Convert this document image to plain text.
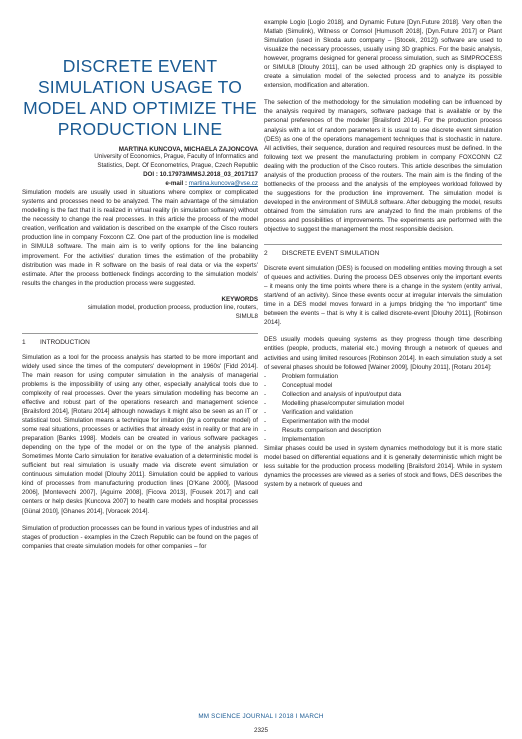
DISCRETE EVENT SIMULATION USAGE TO MODEL AND OPTIMIZE THE PRODUCTION LINE
MARTINA KUNCOVA, MICHAELA ZAJONCOVA
University of Economics, Prague, Faculty of Informatics and
Statistics, Dept. Of Econometrics, Prague, Czech Republic
DOI : 10.17973/MMSJ.2018_03_2017117
e-mail : martina.kuncova@vse.cz

Simulation models are usually used in situations where complex or complicated systems and processes need to be analyzed. The main advantage of the simulation modelling is the fact that it is realized in virtual reality (in simulation software) without the necessity to change the real processes. In this article the process of the model creation, verification and validation is described on the example of the Cisco routers production line in company Foxconn CZ. One part of the production line is modelled in SIMUL8 software. The main aim is to verify options for the line balancing improvement. For the activities' duration times the estimation of the probability distribution was made in R software on the basis of real data or via the experts' estimate. After the process bottleneck findings according to the simulation models' results the changes in the production process were suggested.

KEYWORDS
simulation model, production process, production line, routers,
SIMUL8
1	INTRODUCTION

Simulation as a tool for the process analysis has started to be more important and widely used since the times of the computers' development in 1960s' [Fidd 2014]. The main reason for using computer simulation in the analysis of managerial problems is the impossibility of using any other, especially analytical tools due to complexity of real processes. Over the years simulation modelling has become an effective and robust part of the operations research and management science [Brailsford 2014], [Rotaru 2014] although nowadays it might also be seen as an IT or statistical tool. Simulation means a technique for imitation (by a computer model) of some real situations, processes or activities that already exist in reality or that are in preparation [Banks 1998]. Models can be created in various software packages depending on the type of the model or on the type of the analysis planned. Sometimes Monte Carlo simulation for iterative evaluation of a deterministic model is sufficient but real simulation is usually made via discrete event simulation or continuous simulation model [Dlouhy 2011]. Simulation could be applied to various kind of processes from manufacturing production lines [O'Kane 2000], [Masood 2006], [Montevechi 2007], [Aguirre 2008], [Ficova 2013], [Fousek 2017] and call centers or help desks [Kuncova 2007] to health care models and hospital processes [Günal 2010], [Ghanes 2014], [Voracek 2014].

Simulation of production processes can be found in various types of industries and all stages of production - examples in the Czech Republic can be found on the pages of companies that create simulation models for other companies – for

example Logio [Logio 2018], and Dynamic Future [Dyn.Future 2018]. Very often the Matlab (Simulink), Witness or Comsol [Humusoft 2018], [Dyn.Future 2017] or Plant Simulation (used in Skoda auto company – [Stocek, 2012]) software are used to visualize the necessary processes, usually using 3D graphics. For the basic analysis, however, programs designed for general process simulation, such as SIMPROCESS or SIMUL8 [Dlouhy 2011], can be used although 2D graphics only is displayed to create a simulation model of the selected process and to analyze its possible extension, modification and alteration.

The selection of the methodology for the simulation modelling can be influenced by the analysis required by managers, software package that is available or by the personal preferences of the modeler [Brailsford 2014]. For the production process analysis with a lot of random parameters it is usual to use discrete event simulation (DES) as one of the operations management techniques that is stochastic in nature. All activities, their sequence, duration and required resources must be defined. In the following text we present the manufacturing problem in company FOXCONN CZ dealing with the production of the Cisco routers. This article describes the simulation analysis of the production process of the routers. The main aim is the finding of the bottlenecks of the process and the analysis of the employees workload followed by the suggestions for the production line improvement. The simulation model is developed in the environment of SIMUL8 software. After debugging the model, results obtained from the simulation runs are analyzed to find the main problems of the process and possibilities of improvements. The experiments are performed with the objective to suggest the management the most responsible decision.

2	DISCRETE EVENT SIMULATION

Discrete event simulation (DES) is focused on modelling entities moving through a set of queues and activities. During the process DES observes only the important events – it means only the time points where there is a change in the system (entity arrival, start/end of an activity). Since these events occur at irregular intervals the simulation time in a DES model moves forward in a jumps bridging the “no important” time between the events – that is why it is called discrete-event [Dlouhy 2011], [Robinson 2014].

DES usually models queuing systems as they progress though time describing entities (people, products, material etc.) moving through a network of queues and activities and using limited resources [Robinson 2014]. In each simulation study a set of several phases should be followed [Wainer 2009], [Dlouhy 2011], [Rotaru 2014]:

-	Problem formulation
-	Conceptual model
-	Collection and analysis of input/output data
-	Modelling phase/computer simulation model
-	Verification and validation
-	Experimentation with the model
-	Results comparison and description
-	Implementation

Similar phases could be used in system dynamics methodology but it is more static model based on differential equations and it is generally deterministic which might be less suitable for the production process modelling [Brailsford 2014]. While in system dynamics the processes are viewed as a series of stock and flows, DES describes the system by a network of queues and

MM SCIENCE JOURNAL I 2018 I MARCH
2325
